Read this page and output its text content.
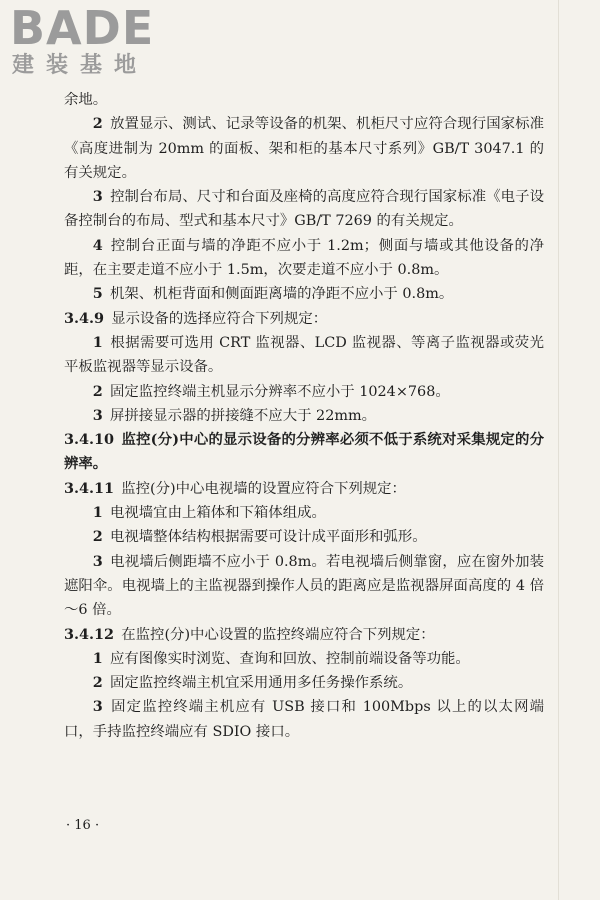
BADE

建装基地

余地。

2 放置显示、测试、记录等设备的机架、机柜尺寸应符合现行国家标准《高度进制为 20mm 的面板、架和柜的基本尺寸系列》GB/T 3047.1 的有关规定。

3 控制台布局、尺寸和台面及座椅的高度应符合现行国家标准《电子设备控制台的布局、型式和基本尺寸》GB/T 7269 的有关规定。

4 控制台正面与墙的净距不应小于 1.2m；侧面与墙或其他设备的净距，在主要走道不应小于 1.5m，次要走道不应小于 0.8m。

5 机架、机柜背面和侧面距离墙的净距不应小于 0.8m。

3.4.9 显示设备的选择应符合下列规定：

1 根据需要可选用 CRT 监视器、LCD 监视器、等离子监视器或荧光平板监视器等显示设备。

2 固定监控终端主机显示分辨率不应小于 1024×768。

3 屏拼接显示器的拼接缝不应大于 22mm。

3.4.10 监控(分)中心的显示设备的分辨率必须不低于系统对采集规定的分辨率。

3.4.11 监控(分)中心电视墙的设置应符合下列规定：

1 电视墙宜由上箱体和下箱体组成。

2 电视墙整体结构根据需要可设计成平面形和弧形。

3 电视墙后侧距墙不应小于 0.8m。若电视墙后侧靠窗，应在窗外加装遮阳伞。电视墙上的主监视器到操作人员的距离应是监视器屏面高度的 4 倍～6 倍。

3.4.12 在监控(分)中心设置的监控终端应符合下列规定：

1 应有图像实时浏览、查询和回放、控制前端设备等功能。

2 固定监控终端主机宜采用通用多任务操作系统。

3 固定监控终端主机应有 USB 接口和 100Mbps 以上的以太网端口，手持监控终端应有 SDIO 接口。

· 16 ·
